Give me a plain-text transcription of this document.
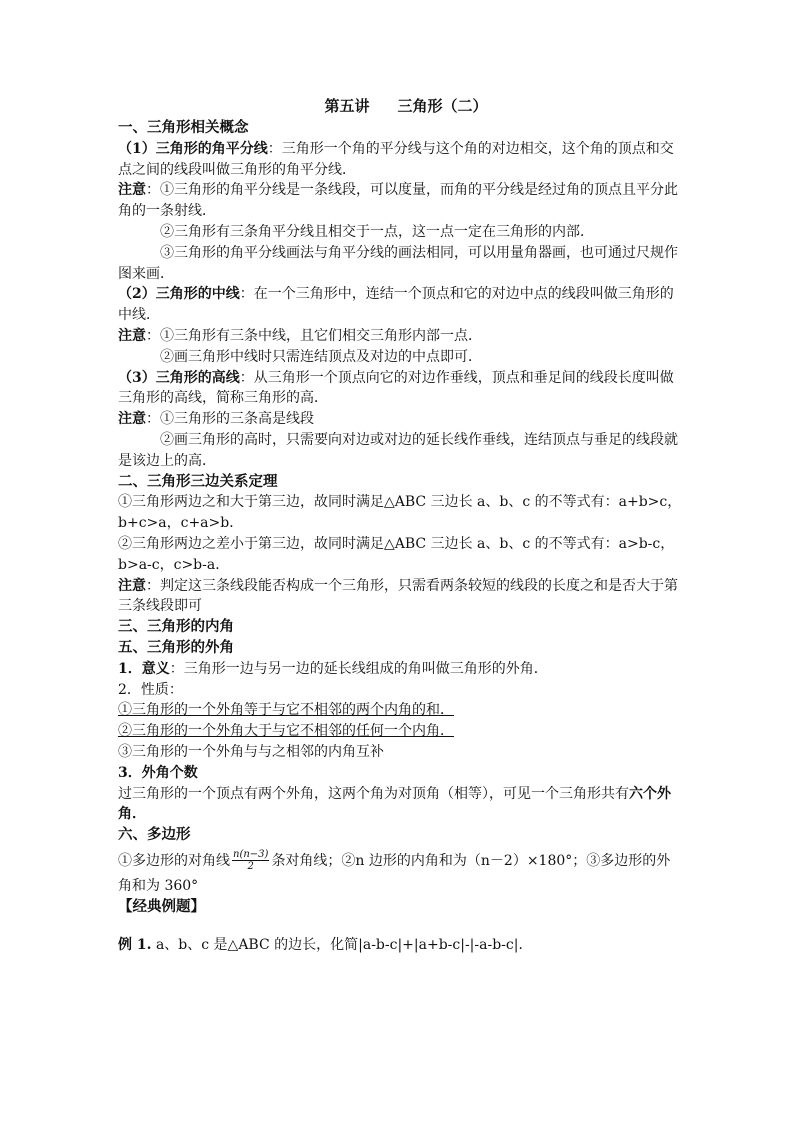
第五讲 三角形（二）
一、三角形相关概念
（1）三角形的角平分线：三角形一个角的平分线与这个角的对边相交，这个角的顶点和交
点之间的线段叫做三角形的角平分线．
注意：①三角形的角平分线是一条线段，可以度量，而角的平分线是经过角的顶点且平分此
角的一条射线．
②三角形有三条角平分线且相交于一点，这一点一定在三角形的内部．
③三角形的角平分线画法与角平分线的画法相同，可以用量角器画，也可通过尺规作
图来画．
（2）三角形的中线：在一个三角形中，连结一个顶点和它的对边中点的线段叫做三角形的
中线．
注意：①三角形有三条中线，且它们相交三角形内部一点．
②画三角形中线时只需连结顶点及对边的中点即可．
（3）三角形的高线：从三角形一个顶点向它的对边作垂线，顶点和垂足间的线段长度叫做
三角形的高线，简称三角形的高．
注意：①三角形的三条高是线段
②画三角形的高时，只需要向对边或对边的延长线作垂线，连结顶点与垂足的线段就
是该边上的高．
二、三角形三边关系定理
①三角形两边之和大于第三边，故同时满足△ABC 三边长 a、b、c 的不等式有：a+b>c，
b+c>a，c+a>b．
②三角形两边之差小于第三边，故同时满足△ABC 三边长 a、b、c 的不等式有：a>b-c，
b>a-c，c>b-a．
注意：判定这三条线段能否构成一个三角形，只需看两条较短的线段的长度之和是否大于第
三条线段即可
三、三角形的内角
五、三角形的外角
1．意义：三角形一边与另一边的延长线组成的角叫做三角形的外角．
2．性质：
①三角形的一个外角等于与它不相邻的两个内角的和．
②三角形的一个外角大于与它不相邻的任何一个内角．
③三角形的一个外角与与之相邻的内角互补
3．外角个数
过三角形的一个顶点有两个外角，这两个角为对顶角（相等），可见一个三角形共有六个外
角．
六、多边形
①多边形的对角线 $\frac{n(n-3)}{2}$ 条对角线；②n 边形的内角和为（n－2）×180°；③多边形的外
角和为 360°
【经典例题】
例 1. a、b、c 是△ABC 的边长，化简|a-b-c|+|a+b-c|-|-a-b-c|．
